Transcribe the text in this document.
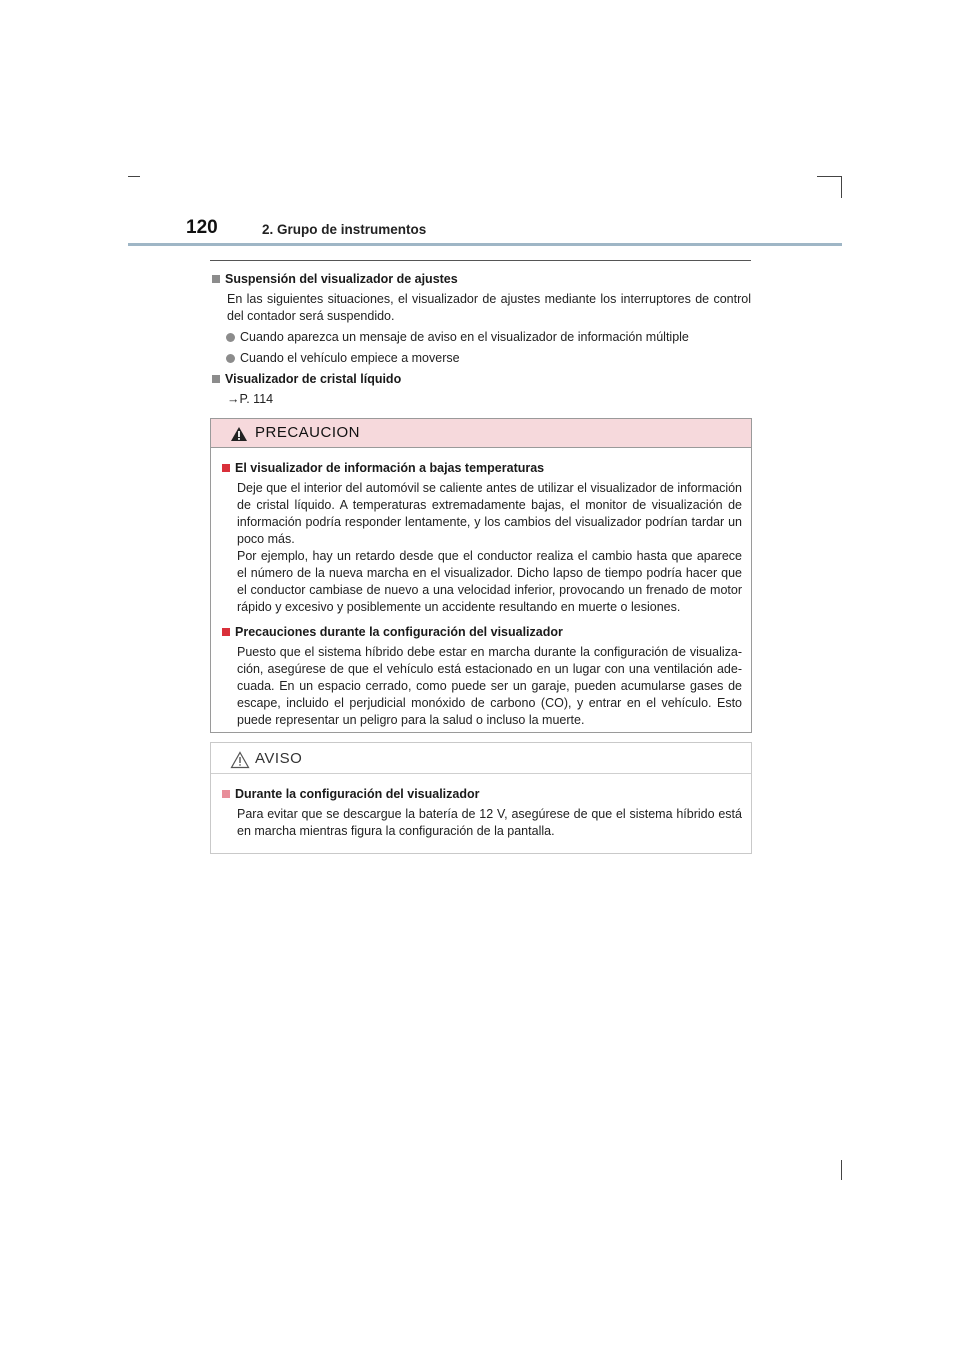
120	2. Grupo de instrumentos
Suspensión del visualizador de ajustes
En las siguientes situaciones, el visualizador de ajustes mediante los interruptores de control del contador será suspendido.
Cuando aparezca un mensaje de aviso en el visualizador de información múltiple
Cuando el vehículo empiece a moverse
Visualizador de cristal líquido
→P. 114
PRECAUCION
El visualizador de información a bajas temperaturas
Deje que el interior del automóvil se caliente antes de utilizar el visualizador de información de cristal líquido. A temperaturas extremadamente bajas, el monitor de visualización de información podría responder lentamente, y los cambios del visualizador podrían tardar un poco más.
Por ejemplo, hay un retardo desde que el conductor realiza el cambio hasta que aparece el número de la nueva marcha en el visualizador. Dicho lapso de tiempo podría hacer que el conductor cambiase de nuevo a una velocidad inferior, provocando un frenado de motor rápido y excesivo y posiblemente un accidente resultando en muerte o lesiones.
Precauciones durante la configuración del visualizador
Puesto que el sistema híbrido debe estar en marcha durante la configuración de visualiza-ción, asegúrese de que el vehículo está estacionado en un lugar con una ventilación ade-cuada. En un espacio cerrado, como puede ser un garaje, pueden acumularse gases de escape, incluido el perjudicial monóxido de carbono (CO), y entrar en el vehículo. Esto puede representar un peligro para la salud o incluso la muerte.
AVISO
Durante la configuración del visualizador
Para evitar que se descargue la batería de 12 V, asegúrese de que el sistema híbrido está en marcha mientras figura la configuración de la pantalla.
